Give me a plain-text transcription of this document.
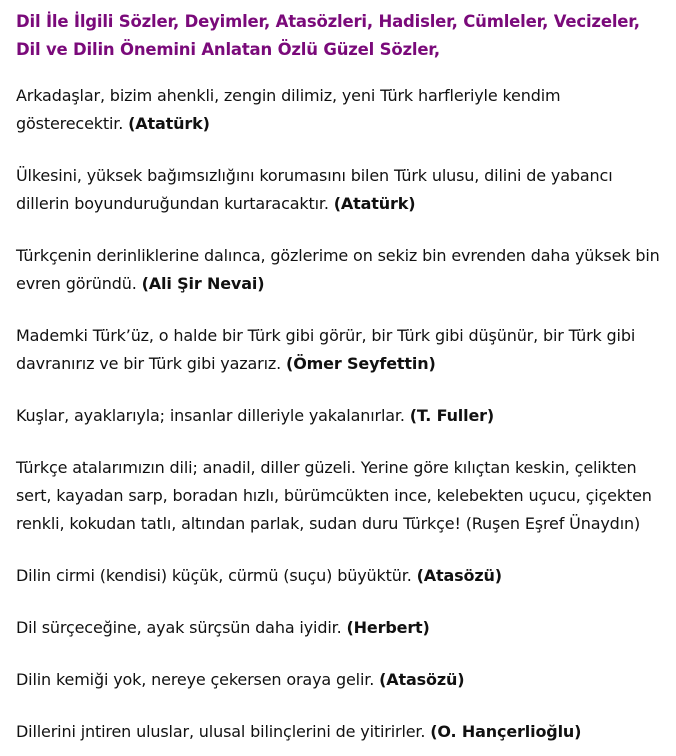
Dil İle İlgili Sözler, Deyimler, Atasözleri, Hadisler, Cümleler, Vecizeler,
Dil ve Dilin Önemini Anlatan Özlü Güzel Sözler,

Arkadaşlar, bizim ahenkli, zengin dilimiz, yeni Türk harfleriyle kendim gösterecektir. (Atatürk)

Ülkesini, yüksek bağımsızlığını korumasını bilen Türk ulusu, dilini de yabancı dillerin boyunduruğundan kurtaracaktır. (Atatürk)

Türkçenin derinliklerine dalınca, gözlerime on sekiz bin evrenden daha yüksek bin evren göründü. (Ali Şir Nevai)

Mademki Türk’üz, o halde bir Türk gibi görür, bir Türk gibi düşünür, bir Türk gibi davranırız ve bir Türk gibi yazarız. (Ömer Seyfettin)

Kuşlar, ayaklarıyla; insanlar dilleriyle yakalanırlar. (T. Fuller)

Türkçe atalarımızın dili; anadil, diller güzeli. Yerine göre kılıçtan keskin, çelikten sert, kayadan sarp, boradan hızlı, bürümcükten ince, kelebekten uçucu, çiçekten renkli, kokudan tatlı, altından parlak, sudan duru Türkçe! (Ruşen Eşref Ünaydın)

Dilin cirmi (kendisi) küçük, cürmü (suçu) büyüktür. (Atasözü)

Dil sürçeceğine, ayak sürçsün daha iyidir. (Herbert)

Dilin kemiği yok, nereye çekersen oraya gelir. (Atasözü)

Dillerini jntiren uluslar, ulusal bilinçlerini de yitirirler. (O. Hançerlioğlu)
